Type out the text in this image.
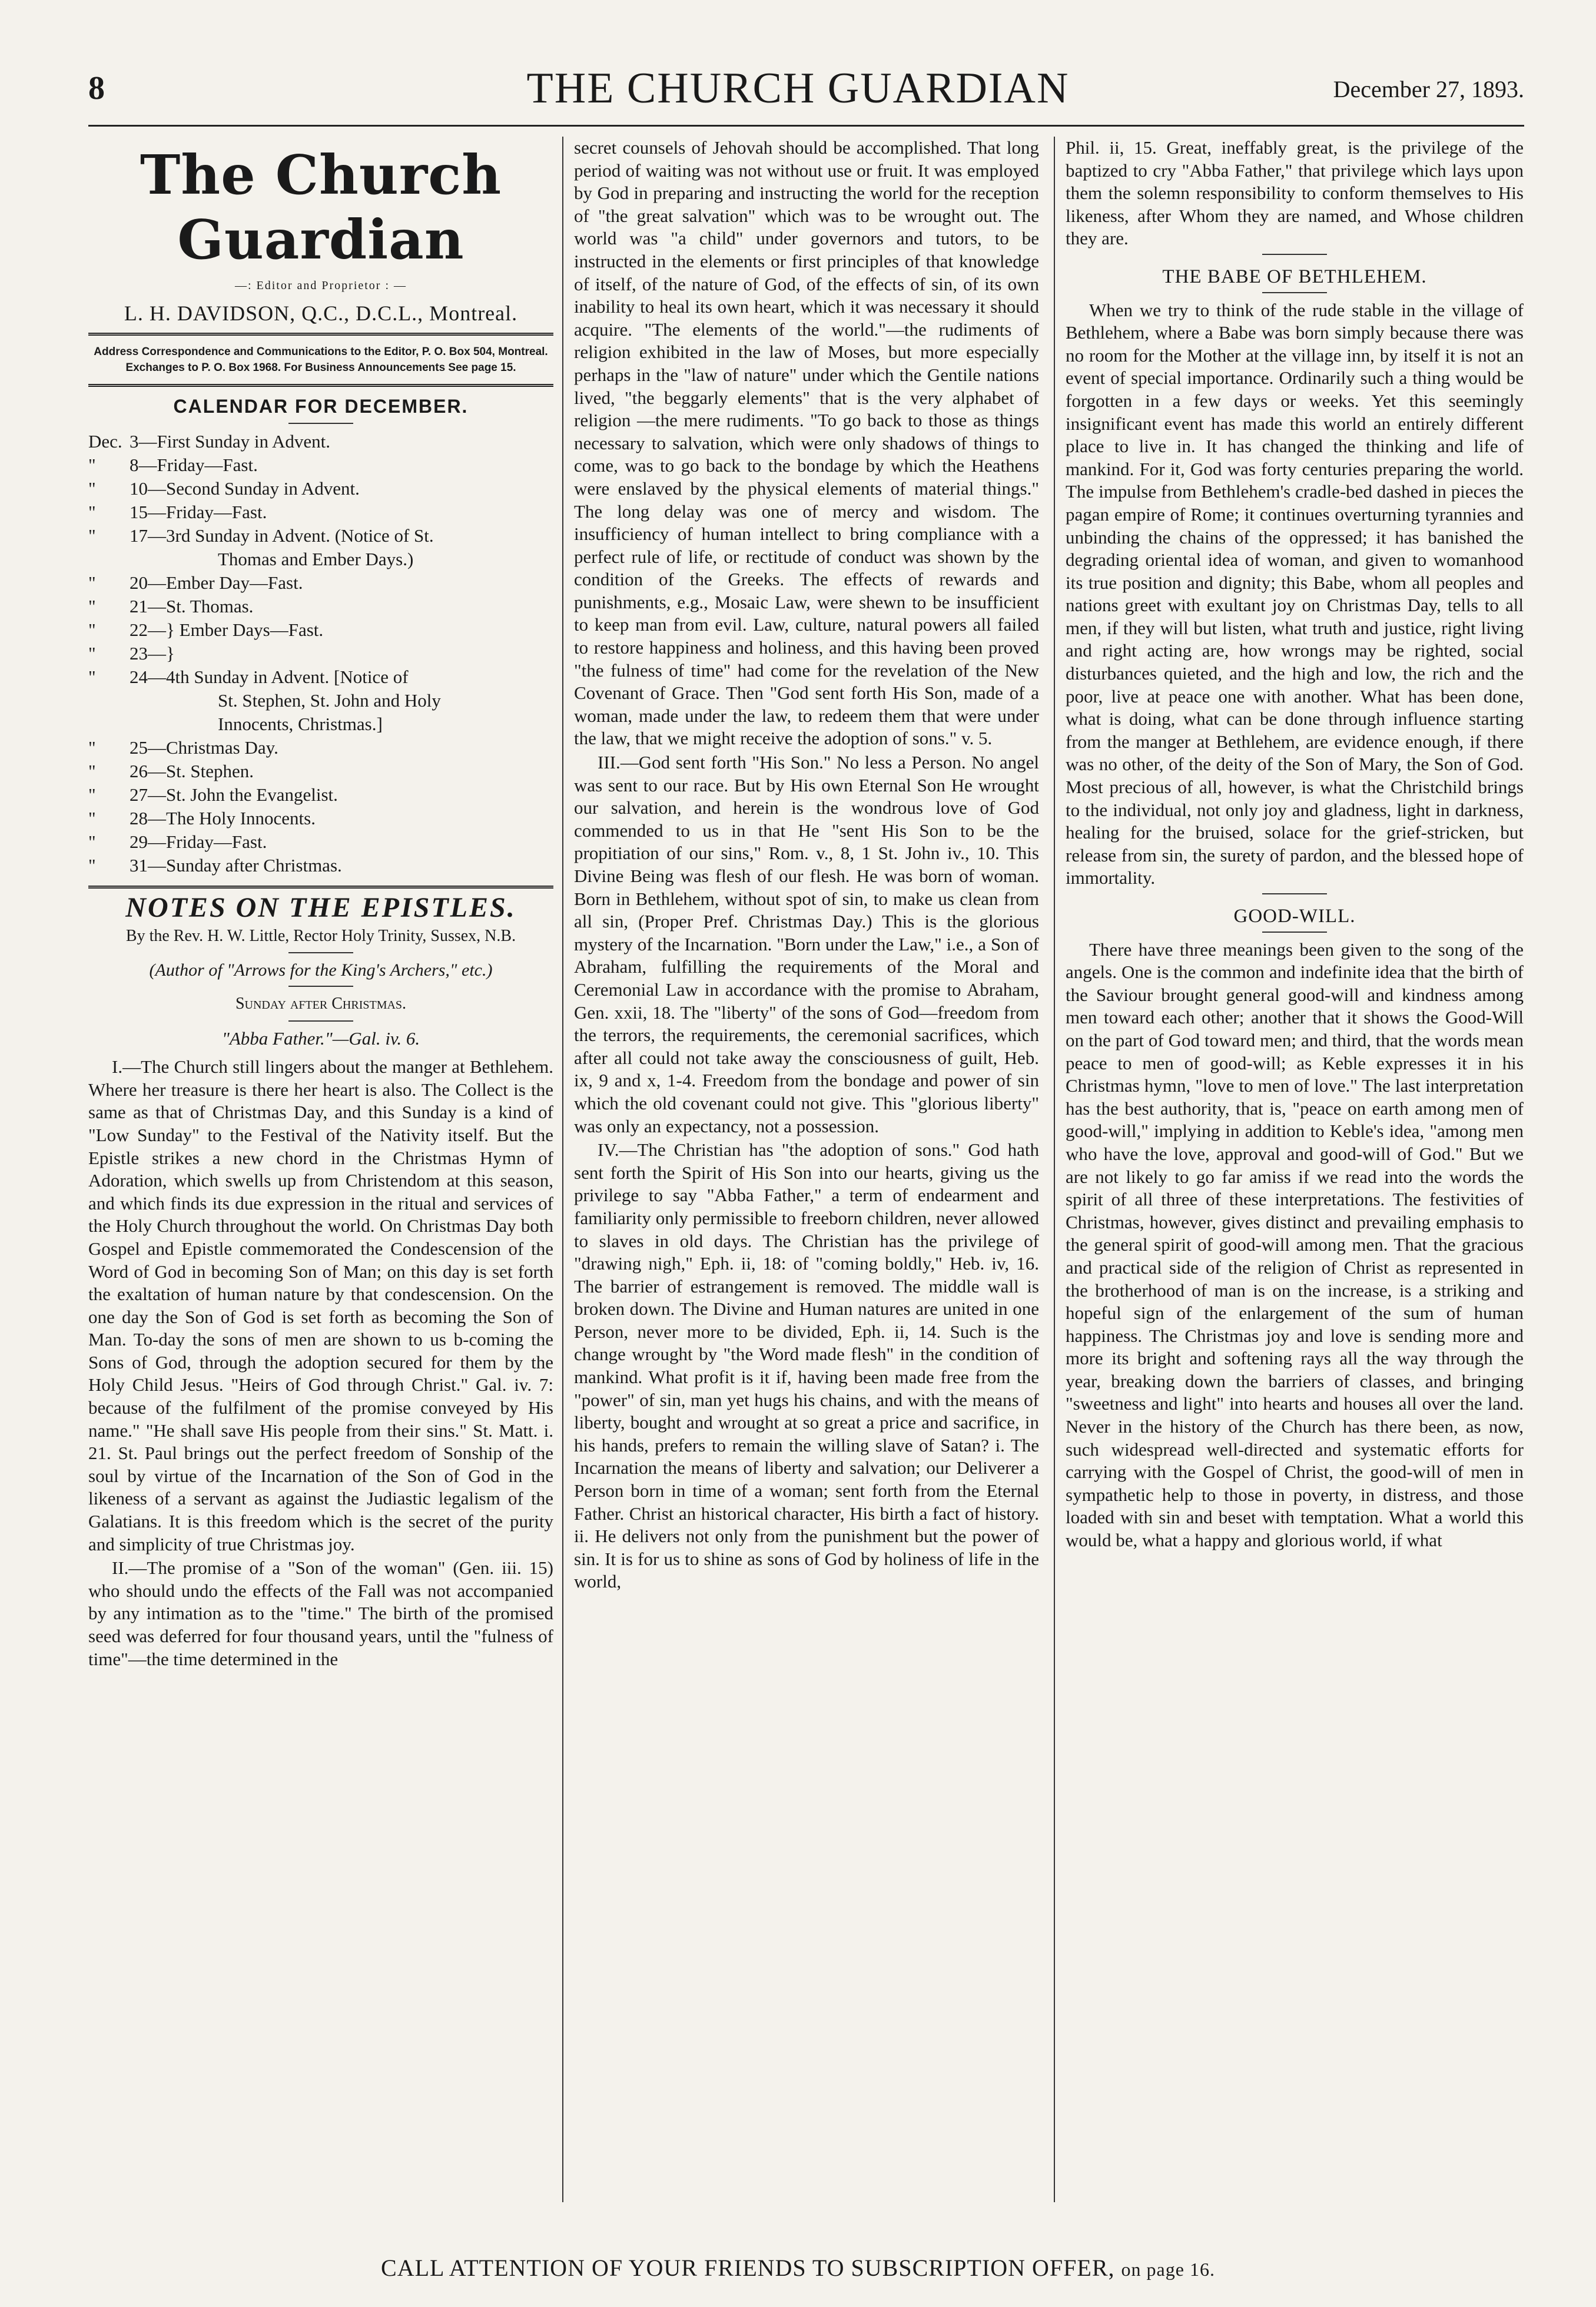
8	THE CHURCH GUARDIAN	December 27, 1893.
The Church Guardian
—: Editor and Proprietor : —
L. H. DAVIDSON, Q.C., D.C.L., Montreal.
Address Correspondence and Communications to the Editor, P. O. Box 504, Montreal. Exchanges to P. O. Box 1968. For Business Announcements See page 15.
CALENDAR FOR DECEMBER.
Dec. 3—First Sunday in Advent.
"	8—Friday—Fast.
"	10—Second Sunday in Advent.
"	15—Friday—Fast.
"	17—3rd Sunday in Advent. (Notice of St.
Thomas and Ember Days.)
"	20—Ember Day—Fast.
"	21—St. Thomas.
"	22—} Ember Days—Fast.
"	23—}
"	24—4th Sunday in Advent. [Notice of
St. Stephen, St. John and Holy
Innocents, Christmas.]
"	25—Christmas Day.
"	26—St. Stephen.
"	27—St. John the Evangelist.
"	28—The Holy Innocents.
"	29—Friday—Fast.
"	31—Sunday after Christmas.
NOTES ON THE EPISTLES.
By the Rev. H. W. Little, Rector Holy Trinity, Sussex, N.B.
(Author of "Arrows for the King's Archers," etc.)
Sunday after Christmas.
"Abba Father."—Gal. iv. 6.

I.—The Church still lingers about the manger at Bethlehem. Where her treasure is there her heart is also. The Collect is the same as that of Christmas Day, and this Sunday is a kind of "Low Sunday" to the Festival of the Nativity itself. But the Epistle strikes a new chord in the Christmas Hymn of Adoration, which swells up from Christendom at this season, and which finds its due expression in the ritual and services of the Holy Church throughout the world. On Christmas Day both Gospel and Epistle commemorated the Condescension of the Word of God in becoming Son of Man; on this day is set forth the exaltation of human nature by that condescension. On the one day the Son of God is set forth as becoming the Son of Man. To-day the sons of men are shown to us b-coming the Sons of God, through the adoption secured for them by the Holy Child Jesus. "Heirs of God through Christ." Gal. iv. 7: because of the fulfilment of the promise conveyed by His name." "He shall save His people from their sins." St. Matt. i. 21. St. Paul brings out the perfect freedom of Sonship of the soul by virtue of the Incarnation of the Son of God in the likeness of a servant as against the Judiastic legalism of the Galatians. It is this freedom which is the secret of the purity and simplicity of true Christmas joy.

II.—The promise of a "Son of the woman" (Gen. iii. 15) who should undo the effects of the Fall was not accompanied by any intimation as to the "time." The birth of the promised seed was deferred for four thousand years, until the "fulness of time"—the time determined in the

secret counsels of Jehovah should be accomplished. That long period of waiting was not without use or fruit. It was employed by God in preparing and instructing the world for the reception of "the great salvation" which was to be wrought out. The world was "a child" under governors and tutors, to be instructed in the elements or first principles of that knowledge of itself, of the nature of God, of the effects of sin, of its own inability to heal its own heart, which it was necessary it should acquire. "The elements of the world."—the rudiments of religion exhibited in the law of Moses, but more especially perhaps in the "law of nature" under which the Gentile nations lived, "the beggarly elements" that is the very alphabet of religion —the mere rudiments. "To go back to those as things necessary to salvation, which were only shadows of things to come, was to go back to the bondage by which the Heathens were enslaved by the physical elements of material things." The long delay was one of mercy and wisdom. The insufficiency of human intellect to bring compliance with a perfect rule of life, or rectitude of conduct was shown by the condition of the Greeks. The effects of rewards and punishments, e.g., Mosaic Law, were shewn to be insufficient to keep man from evil. Law, culture, natural powers all failed to restore happiness and holiness, and this having been proved "the fulness of time" had come for the revelation of the New Covenant of Grace. Then "God sent forth His Son, made of a woman, made under the law, to redeem them that were under the law, that we might receive the adoption of sons." v. 5.

III.—God sent forth "His Son." No less a Person. No angel was sent to our race. But by His own Eternal Son He wrought our salvation, and herein is the wondrous love of God commended to us in that He "sent His Son to be the propitiation of our sins," Rom. v., 8, 1 St. John iv., 10. This Divine Being was flesh of our flesh. He was born of woman. Born in Bethlehem, without spot of sin, to make us clean from all sin, (Proper Pref. Christmas Day.) This is the glorious mystery of the Incarnation. "Born under the Law," i.e., a Son of Abraham, fulfilling the requirements of the Moral and Ceremonial Law in accordance with the promise to Abraham, Gen. xxii, 18. The "liberty" of the sons of God—freedom from the terrors, the requirements, the ceremonial sacrifices, which after all could not take away the consciousness of guilt, Heb. ix, 9 and x, 1-4. Freedom from the bondage and power of sin which the old covenant could not give. This "glorious liberty" was only an expectancy, not a possession.

IV.—The Christian has "the adoption of sons." God hath sent forth the Spirit of His Son into our hearts, giving us the privilege to say "Abba Father," a term of endearment and familiarity only permissible to freeborn children, never allowed to slaves in old days. The Christian has the privilege of "drawing nigh," Eph. ii, 18: of "coming boldly," Heb. iv, 16. The barrier of estrangement is removed. The middle wall is broken down. The Divine and Human natures are united in one Person, never more to be divided, Eph. ii, 14. Such is the change wrought by "the Word made flesh" in the condition of mankind. What profit is it if, having been made free from the "power" of sin, man yet hugs his chains, and with the means of liberty, bought and wrought at so great a price and sacrifice, in his hands, prefers to remain the willing slave of Satan? i. The Incarnation the means of liberty and salvation; our Deliverer a Person born in time of a woman; sent forth from the Eternal Father. Christ an historical character, His birth a fact of history. ii. He delivers not only from the punishment but the power of sin. It is for us to shine as sons of God by holiness of life in the world,

Phil. ii, 15. Great, ineffably great, is the privilege of the baptized to cry "Abba Father," that privilege which lays upon them the solemn responsibility to conform themselves to His likeness, after Whom they are named, and Whose children they are.

THE BABE OF BETHLEHEM.

When we try to think of the rude stable in the village of Bethlehem, where a Babe was born simply because there was no room for the Mother at the village inn, by itself it is not an event of special importance. Ordinarily such a thing would be forgotten in a few days or weeks. Yet this seemingly insignificant event has made this world an entirely different place to live in. It has changed the thinking and life of mankind. For it, God was forty centuries preparing the world. The impulse from Bethlehem's cradle-bed dashed in pieces the pagan empire of Rome; it continues overturning tyrannies and unbinding the chains of the oppressed; it has banished the degrading oriental idea of woman, and given to womanhood its true position and dignity; this Babe, whom all peoples and nations greet with exultant joy on Christmas Day, tells to all men, if they will but listen, what truth and justice, right living and right acting are, how wrongs may be righted, social disturbances quieted, and the high and low, the rich and the poor, live at peace one with another. What has been done, what is doing, what can be done through influence starting from the manger at Bethlehem, are evidence enough, if there was no other, of the deity of the Son of Mary, the Son of God. Most precious of all, however, is what the Christchild brings to the individual, not only joy and gladness, light in darkness, healing for the bruised, solace for the grief-stricken, but release from sin, the surety of pardon, and the blessed hope of immortality.

GOOD-WILL.

There have three meanings been given to the song of the angels. One is the common and indefinite idea that the birth of the Saviour brought general good-will and kindness among men toward each other; another that it shows the Good-Will on the part of God toward men; and third, that the words mean peace to men of good-will; as Keble expresses it in his Christmas hymn, "love to men of love." The last interpretation has the best authority, that is, "peace on earth among men of good-will," implying in addition to Keble's idea, "among men who have the love, approval and good-will of God." But we are not likely to go far amiss if we read into the words the spirit of all three of these interpretations. The festivities of Christmas, however, gives distinct and prevailing emphasis to the general spirit of good-will among men. That the gracious and practical side of the religion of Christ as represented in the brotherhood of man is on the increase, is a striking and hopeful sign of the enlargement of the sum of human happiness. The Christmas joy and love is sending more and more its bright and softening rays all the way through the year, breaking down the barriers of classes, and bringing "sweetness and light" into hearts and houses all over the land. Never in the history of the Church has there been, as now, such widespread well-directed and systematic efforts for carrying with the Gospel of Christ, the good-will of men in sympathetic help to those in poverty, in distress, and those loaded with sin and beset with temptation. What a world this would be, what a happy and glorious world, if what

CALL ATTENTION OF YOUR FRIENDS TO SUBSCRIPTION OFFER, on page 16.
